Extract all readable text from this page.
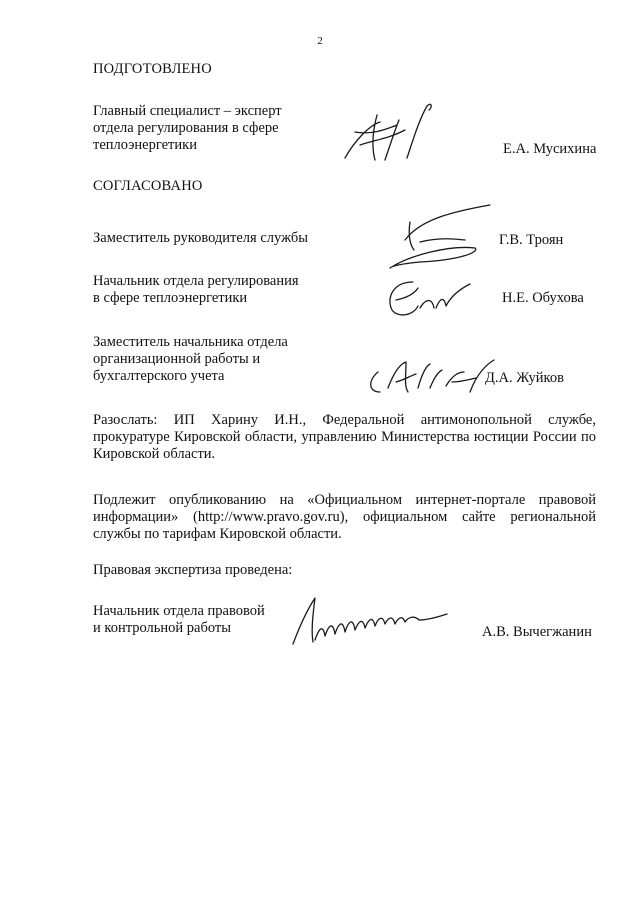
2
ПОДГОТОВЛЕНО
Главный специалист – эксперт
отдела регулирования в сфере
теплоэнергетики	Е.А. Мусихина
СОГЛАСОВАНО
Заместитель руководителя службы	Г.В. Троян
Начальник отдела регулирования
в сфере теплоэнергетики	Н.Е. Обухова
Заместитель начальника отдела
организационной работы и
бухгалтерского учета	Д.А. Жуйков
Разослать: ИП Харину И.Н., Федеральной антимонопольной службе, прокуратуре Кировской области, управлению Министерства юстиции России по Кировской области.
Подлежит опубликованию на «Официальном интернет-портале правовой информации» (http://www.pravo.gov.ru), официальном сайте региональной службы по тарифам Кировской области.
Правовая экспертиза проведена:
Начальник отдела правовой
и контрольной работы	А.В. Вычегжанин
